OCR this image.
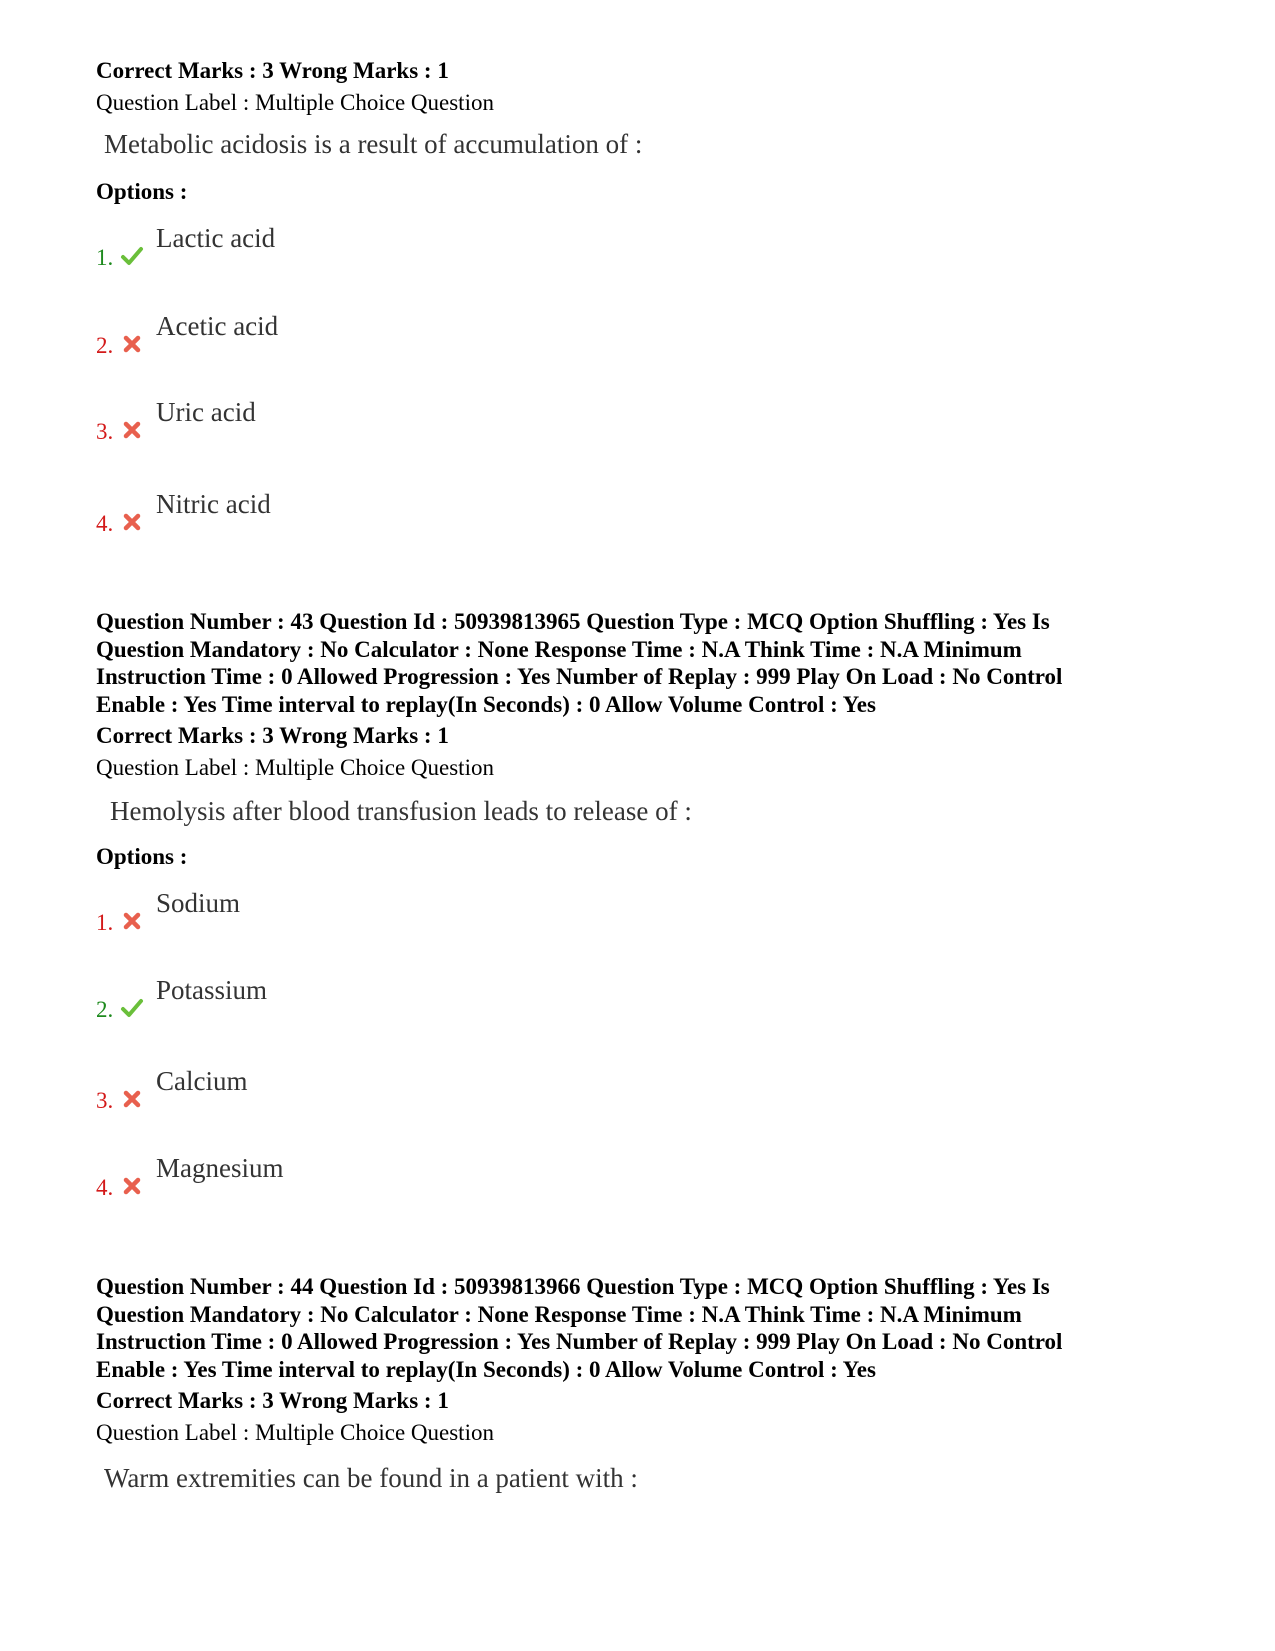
Correct Marks : 3 Wrong Marks : 1
Question Label : Multiple Choice Question
Metabolic acidosis is a result of accumulation of :
Options :
1.
Lactic acid
2.
Acetic acid
3.
Uric acid
4.
Nitric acid
Question Number : 43 Question Id : 50939813965 Question Type : MCQ Option Shuffling : Yes Is
Question Mandatory : No Calculator : None Response Time : N.A Think Time : N.A Minimum
Instruction Time : 0 Allowed Progression : Yes Number of Replay : 999 Play On Load : No Control
Enable : Yes Time interval to replay(In Seconds) : 0 Allow Volume Control : Yes
Correct Marks : 3 Wrong Marks : 1
Question Label : Multiple Choice Question
Hemolysis after blood transfusion leads to release of :
Options :
1.
Sodium
2.
Potassium
3.
Calcium
4.
Magnesium
Question Number : 44 Question Id : 50939813966 Question Type : MCQ Option Shuffling : Yes Is
Question Mandatory : No Calculator : None Response Time : N.A Think Time : N.A Minimum
Instruction Time : 0 Allowed Progression : Yes Number of Replay : 999 Play On Load : No Control
Enable : Yes Time interval to replay(In Seconds) : 0 Allow Volume Control : Yes
Correct Marks : 3 Wrong Marks : 1
Question Label : Multiple Choice Question
Warm extremities can be found in a patient with :
